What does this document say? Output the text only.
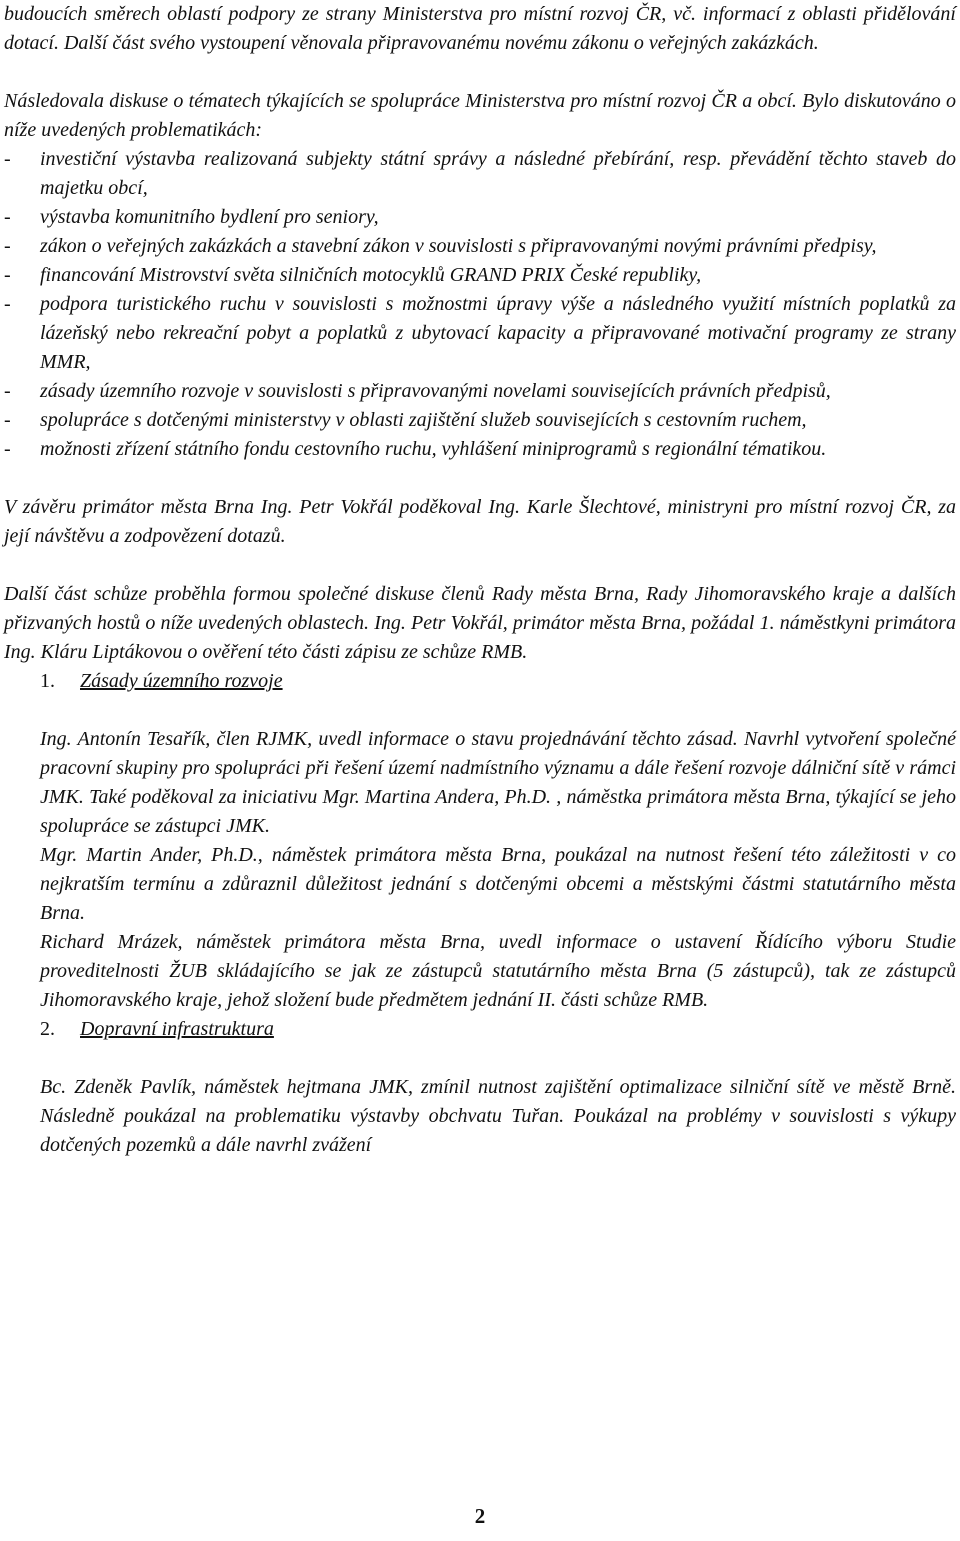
budoucích směrech oblastí podpory ze strany Ministerstva pro místní rozvoj ČR, vč. informací z oblasti přidělování dotací. Další část svého vystoupení věnovala připravovanému novému zákonu o veřejných zakázkách.

Následovala diskuse o tématech týkajících se spolupráce Ministerstva pro místní rozvoj ČR a obcí. Bylo diskutováno o níže uvedených problematikách:

- investiční výstavba realizovaná subjekty státní správy a následné přebírání, resp. převádění těchto staveb do majetku obcí,
- výstavba komunitního bydlení pro seniory,
- zákon o veřejných zakázkách a stavební zákon v souvislosti s připravovanými novými právními předpisy,
- financování Mistrovství světa silničních motocyklů GRAND PRIX České republiky,
- podpora turistického ruchu v souvislosti s možnostmi úpravy výše a následného využití místních poplatků za lázeňský nebo rekreační pobyt a poplatků z ubytovací kapacity a připravované motivační programy ze strany MMR,
- zásady územního rozvoje v souvislosti s připravovanými novelami souvisejících právních předpisů,
- spolupráce s dotčenými ministerstvy v oblasti zajištění služeb souvisejících s cestovním ruchem,
- možnosti zřízení státního fondu cestovního ruchu, vyhlášení miniprogramů s regionální tématikou.

V závěru primátor města Brna Ing. Petr Vokřál poděkoval Ing. Karle Šlechtové, ministryni pro místní rozvoj ČR, za její návštěvu a zodpovězení dotazů.

Další část schůze proběhla formou společné diskuse členů Rady města Brna, Rady Jihomoravského kraje a dalších přizvaných hostů o níže uvedených oblastech. Ing. Petr Vokřál, primátor města Brna, požádal 1. náměstkyni primátora Ing. Kláru Liptákovou o ověření této části zápisu ze schůze RMB.

1.	Zásady územního rozvoje

Ing. Antonín Tesařík, člen RJMK, uvedl informace o stavu projednávání těchto zásad. Navrhl vytvoření společné pracovní skupiny pro spolupráci při řešení území nadmístního významu a dále řešení rozvoje dálniční sítě v rámci JMK. Také poděkoval za iniciativu Mgr. Martina Andera, Ph.D. , náměstka primátora města Brna, týkající se jeho spolupráce se zástupci JMK.

Mgr. Martin Ander, Ph.D., náměstek primátora města Brna, poukázal na nutnost řešení této záležitosti v co nejkratším termínu a zdůraznil důležitost jednání s dotčenými obcemi a městskými částmi statutárního města Brna.

Richard Mrázek, náměstek primátora města Brna, uvedl informace o ustavení Řídícího výboru Studie proveditelnosti ŽUB skládajícího se jak ze zástupců statutárního města Brna (5 zástupců), tak ze zástupců Jihomoravského kraje, jehož složení bude předmětem jednání II. části schůze RMB.

2.	Dopravní infrastruktura

Bc. Zdeněk Pavlík, náměstek hejtmana JMK, zmínil nutnost zajištění optimalizace silniční sítě ve městě Brně. Následně poukázal na problematiku výstavby obchvatu Tuřan. Poukázal na problémy v souvislosti s výkupy dotčených pozemků a dále navrhl zvážení

2
